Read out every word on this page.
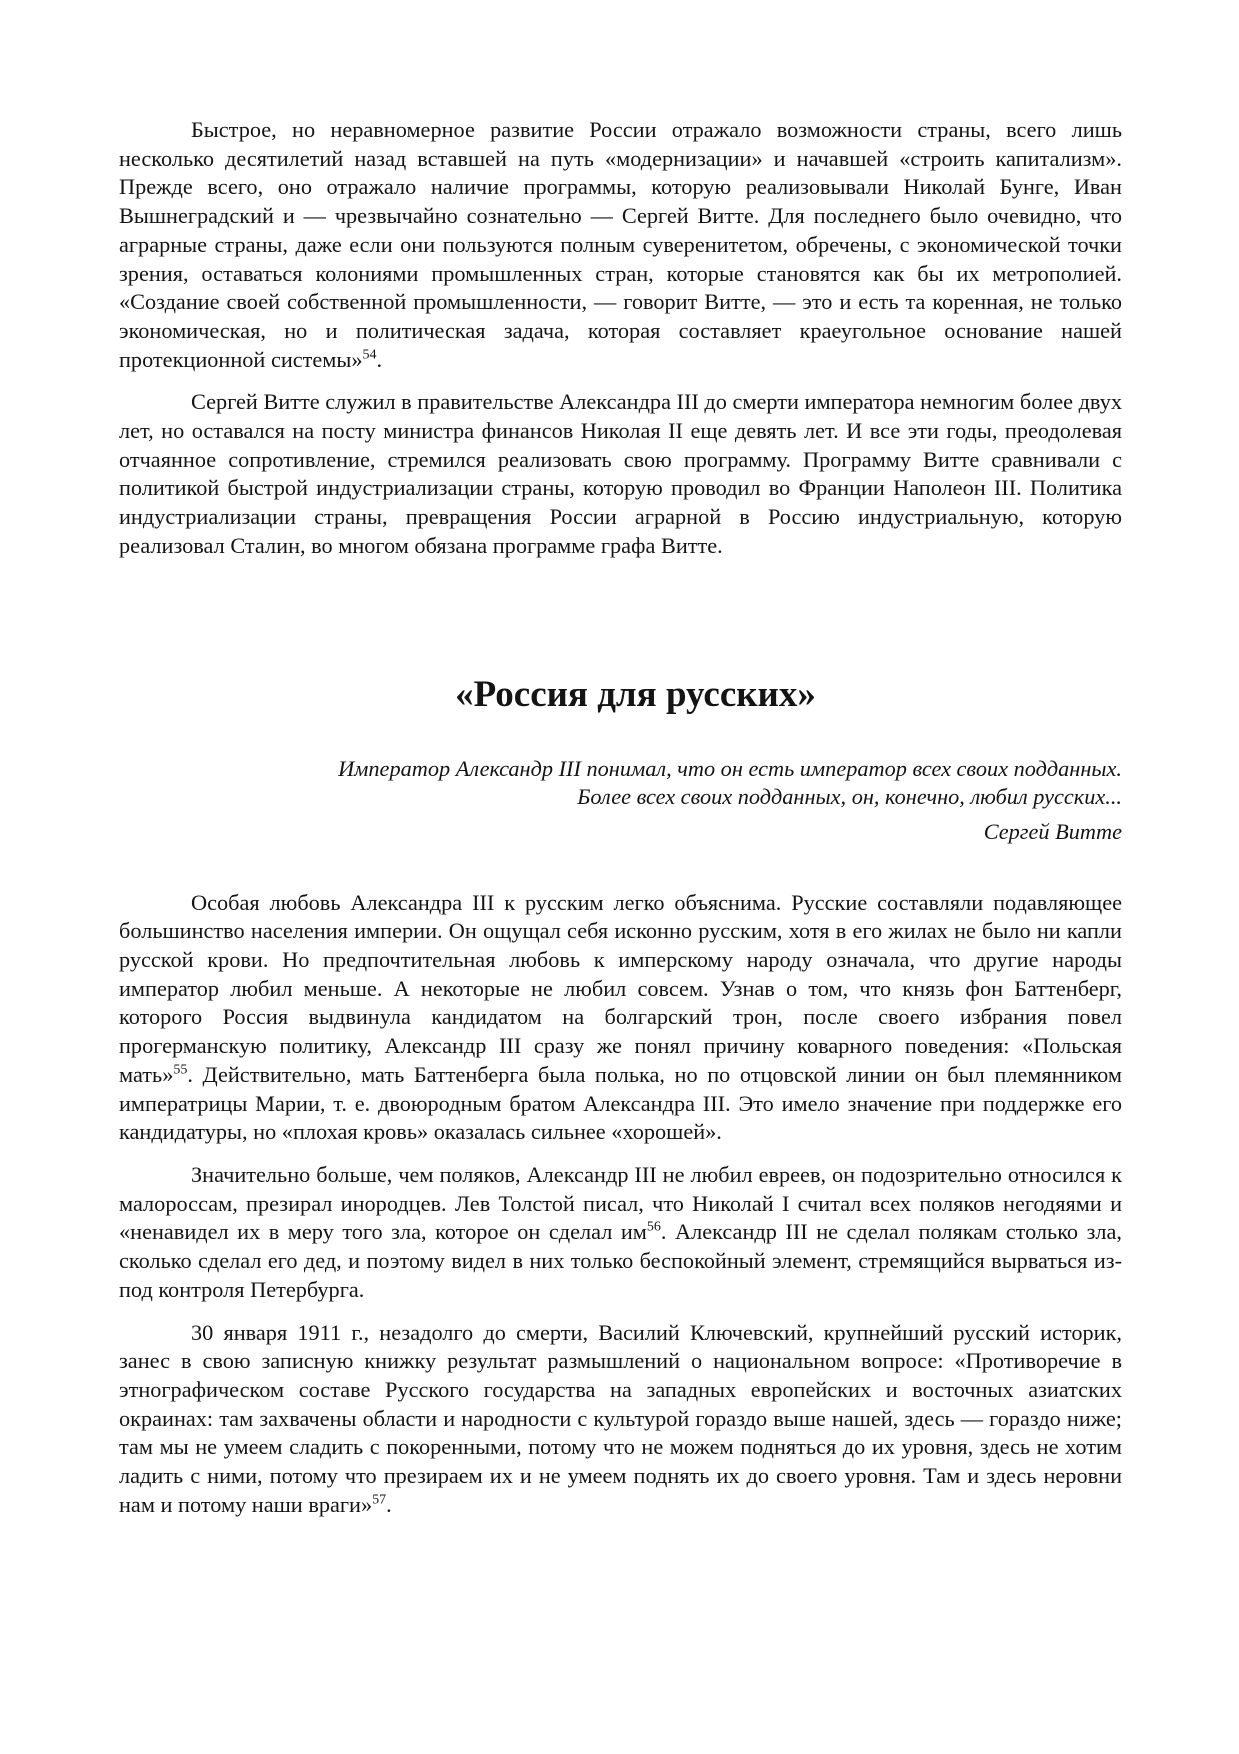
Быстрое, но неравномерное развитие России отражало возможности страны, всего лишь несколько десятилетий назад вставшей на путь «модернизации» и начавшей «строить капитализм». Прежде всего, оно отражало наличие программы, которую реализовывали Николай Бунге, Иван Вышнеградский и — чрезвычайно сознательно — Сергей Витте. Для последнего было очевидно, что аграрные страны, даже если они пользуются полным суверенитетом, обречены, с экономической точки зрения, оставаться колониями промышленных стран, которые становятся как бы их метрополией. «Создание своей собственной промышленности, — говорит Витте, — это и есть та коренная, не только экономическая, но и политическая задача, которая составляет краеугольное основание нашей протекционной системы»$^{54}$.

Сергей Витте служил в правительстве Александра III до смерти императора немногим более двух лет, но оставался на посту министра финансов Николая II еще девять лет. И все эти годы, преодолевая отчаянное сопротивление, стремился реализовать свою программу. Программу Витте сравнивали с политикой быстрой индустриализации страны, которую проводил во Франции Наполеон III. Политика индустриализации страны, превращения России аграрной в Россию индустриальную, которую реализовал Сталин, во многом обязана программе графа Витте.

«Россия для русских»
Император Александр III понимал, что он есть император всех своих подданных.
Более всех своих подданных, он, конечно, любил русских...
Сергей Витте

Особая любовь Александра III к русским легко объяснима. Русские составляли подавляющее большинство населения империи. Он ощущал себя исконно русским, хотя в его жилах не было ни капли русской крови. Но предпочтительная любовь к имперскому народу означала, что другие народы император любил меньше. А некоторые не любил совсем. Узнав о том, что князь фон Баттенберг, которого Россия выдвинула кандидатом на болгарский трон, после своего избрания повел прогерманскую политику, Александр III сразу же понял причину коварного поведения: «Польская мать»$^{55}$. Действительно, мать Баттенберга была полька, но по отцовской линии он был племянником императрицы Марии, т. е. двоюродным братом Александра III. Это имело значение при поддержке его кандидатуры, но «плохая кровь» оказалась сильнее «хорошей».

Значительно больше, чем поляков, Александр III не любил евреев, он подозрительно относился к малороссам, презирал инородцев. Лев Толстой писал, что Николай I считал всех поляков негодяями и «ненавидел их в меру того зла, которое он сделал $им^{56}$. Александр III не сделал полякам столько зла, сколько сделал его дед, и поэтому видел в них только беспокойный элемент, стремящийся вырваться из-под контроля Петербурга.

30 января 1911 г., незадолго до смерти, Василий Ключевский, крупнейший русский историк, занес в свою записную книжку результат размышлений о национальном вопросе: «Противоречие в этнографическом составе Русского государства на западных европейских и восточных азиатских окраинах: там захвачены области и народности с культурой гораздо выше нашей, здесь — гораздо ниже; там мы не умеем сладить с покоренными, потому что не можем подняться до их уровня, здесь не хотим ладить с ними, потому что презираем их и не умеем поднять их до своего уровня. Там и здесь неровни нам и потому наши враги»$^{57}$.
